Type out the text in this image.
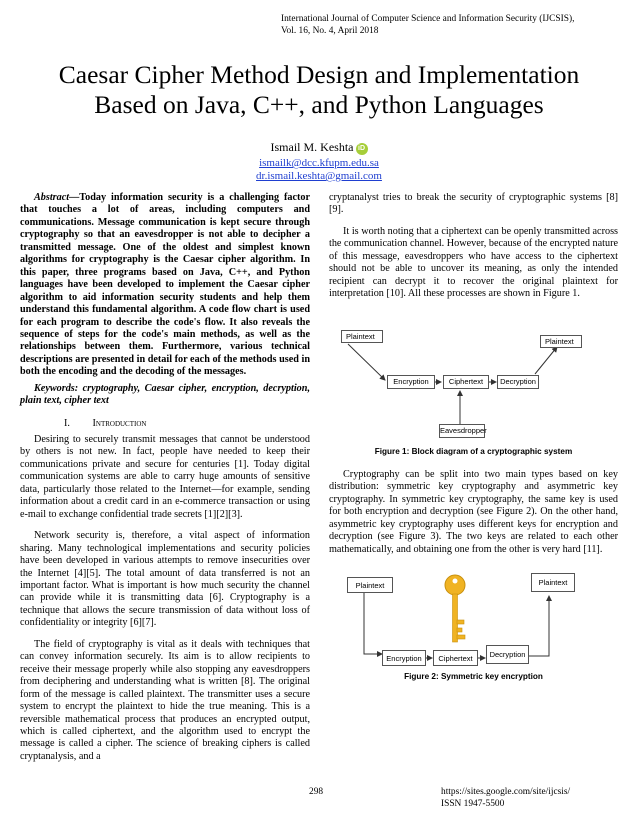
International Journal of Computer Science and Information Security (IJCSIS),
Vol. 16, No. 4, April 2018
Caesar Cipher Method Design and Implementation
Based on Java, C++, and Python Languages
Ismail M. Keshta iD
ismailk@dcc.kfupm.edu.sa
dr.ismail.keshta@gmail.com

Abstract—Today information security is a challenging factor that touches a lot of areas, including computers and communications. Message communication is kept secure through cryptography so that an eavesdropper is not able to decipher a transmitted message. One of the oldest and simplest known algorithms for cryptography is the Caesar cipher algorithm. In this paper, three programs based on Java, C++, and Python languages have been developed to implement the Caesar cipher algorithm to aid information security students and help them understand this fundamental algorithm. A code flow chart is used for each program to describe the code's flow. It also reveals the sequence of steps for the code's main methods, as well as the relationships between them. Furthermore, various technical descriptions are presented in detail for each of the methods used in both the encoding and the decoding of the messages.

Keywords: cryptography, Caesar cipher, encryption, decryption, plain text, cipher text

I. Introduction

Desiring to securely transmit messages that cannot be understood by others is not new. In fact, people have needed to keep their communications private and secure for centuries [1]. Today digital communication systems are able to carry huge amounts of sensitive data, particularly those related to the Internet—for example, sending information about a credit card in an e-commerce transaction or using e-mail to exchange confidential trade secrets [1][2][3].

Network security is, therefore, a vital aspect of information sharing. Many technological implementations and security policies have been developed in various attempts to remove insecurities over the Internet [4][5]. The total amount of data transferred is not an important factor. What is important is how much security the channel can provide while it is transmitting data [6]. Cryptography is a technique that allows the secure transmission of data without loss of confidentiality or integrity [6][7].

The field of cryptography is vital as it deals with techniques that can convey information securely. Its aim is to allow recipients to receive their message properly while also stopping any eavesdroppers from deciphering and understanding what is written [8]. The original form of the message is called plaintext. The transmitter uses a secure system to encrypt the plaintext to hide the true meaning. This is a reversible mathematical process that produces an encrypted output, which is called ciphertext, and the algorithm used to encrypt the message is called a cipher. The science of breaking ciphers is called cryptanalysis, and a

cryptanalyst tries to break the security of cryptographic systems [8][9].

It is worth noting that a ciphertext can be openly transmitted across the communication channel. However, because of the encrypted nature of this message, eavesdroppers who have access to the ciphertext should not be able to uncover its meaning, as only the intended recipient can decrypt it to recover the original plaintext for interpretation [10]. All these processes are shown in Figure 1.

Plaintext
Plaintext
Encryption	Ciphertext	Decryption
Eavesdropper
Figure 1: Block diagram of a cryptographic system

Cryptography can be split into two main types based on key distribution: symmetric key cryptography and asymmetric key cryptography. In symmetric key cryptography, the same key is used for both encryption and decryption (see Figure 2). On the other hand, asymmetric key cryptography uses different keys for encryption and decryption (see Figure 3). The two keys are related to each other mathematically, and obtaining one from the other is very hard [11].

Plaintext	Plaintext
Encryption	Ciphertext	Decryption
Figure 2: Symmetric key encryption
298	https://sites.google.com/site/ijcsis/
ISSN 1947-5500
